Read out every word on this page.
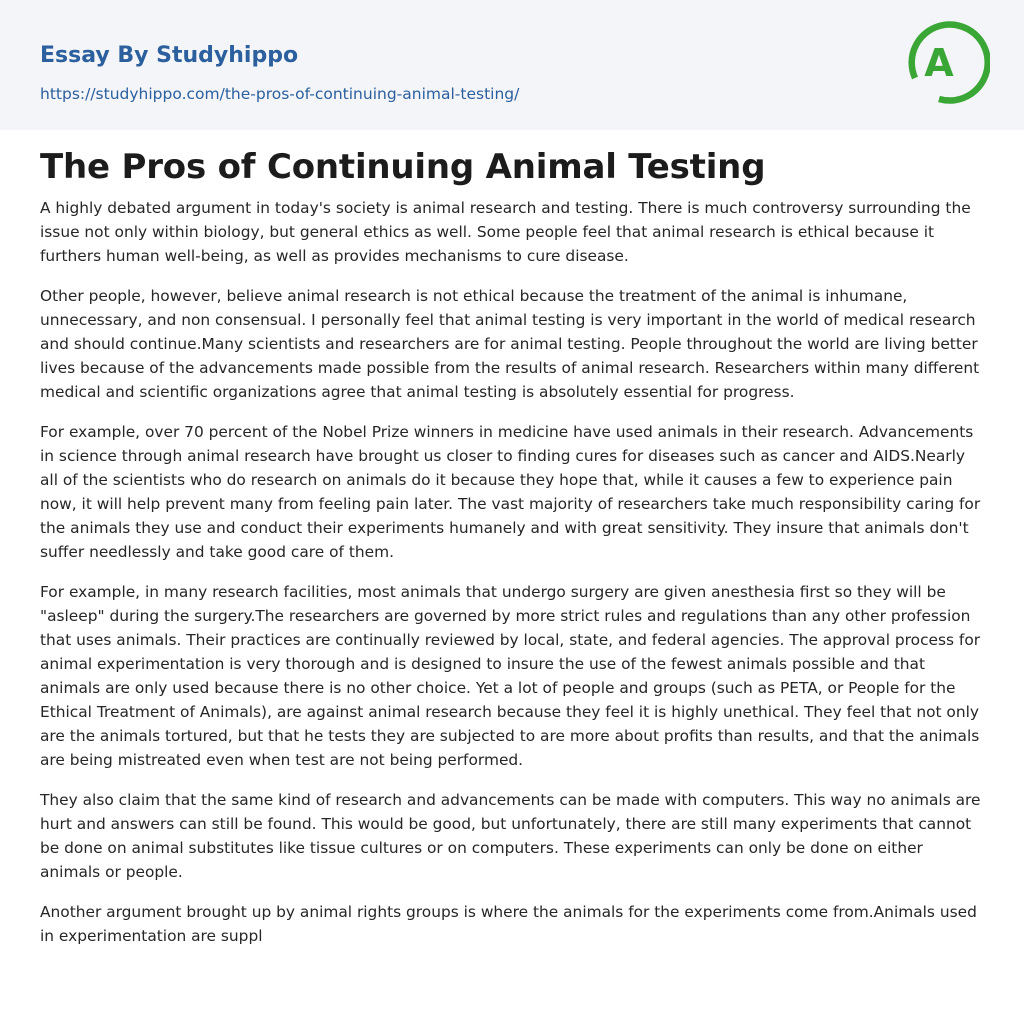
Essay By Studyhippo
https://studyhippo.com/the-pros-of-continuing-animal-testing/
A
The Pros of Continuing Animal Testing

A highly debated argument in today's society is animal research and testing. There is much controversy surrounding the issue not only within biology, but general ethics as well. Some people feel that animal research is ethical because it furthers human well-being, as well as provides mechanisms to cure disease.

Other people, however, believe animal research is not ethical because the treatment of the animal is inhumane, unnecessary, and non consensual. I personally feel that animal testing is very important in the world of medical research and should continue.Many scientists and researchers are for animal testing. People throughout the world are living better lives because of the advancements made possible from the results of animal research. Researchers within many different medical and scientific organizations agree that animal testing is absolutely essential for progress.

For example, over 70 percent of the Nobel Prize winners in medicine have used animals in their research. Advancements in science through animal research have brought us closer to finding cures for diseases such as cancer and AIDS.Nearly all of the scientists who do research on animals do it because they hope that, while it causes a few to experience pain now, it will help prevent many from feeling pain later. The vast majority of researchers take much responsibility caring for the animals they use and conduct their experiments humanely and with great sensitivity. They insure that animals don't suffer needlessly and take good care of them.

For example, in many research facilities, most animals that undergo surgery are given anesthesia first so they will be "asleep" during the surgery.The researchers are governed by more strict rules and regulations than any other profession that uses animals. Their practices are continually reviewed by local, state, and federal agencies. The approval process for animal experimentation is very thorough and is designed to insure the use of the fewest animals possible and that animals are only used because there is no other choice. Yet a lot of people and groups (such as PETA, or People for the Ethical Treatment of Animals), are against animal research because they feel it is highly unethical. They feel that not only are the animals tortured, but that he tests they are subjected to are more about profits than results, and that the animals are being mistreated even when test are not being performed.

They also claim that the same kind of research and advancements can be made with computers. This way no animals are hurt and answers can still be found. This would be good, but unfortunately, there are still many experiments that cannot be done on animal substitutes like tissue cultures or on computers. These experiments can only be done on either animals or people.

Another argument brought up by animal rights groups is where the animals for the experiments come from.Animals used in experimentation are suppl
